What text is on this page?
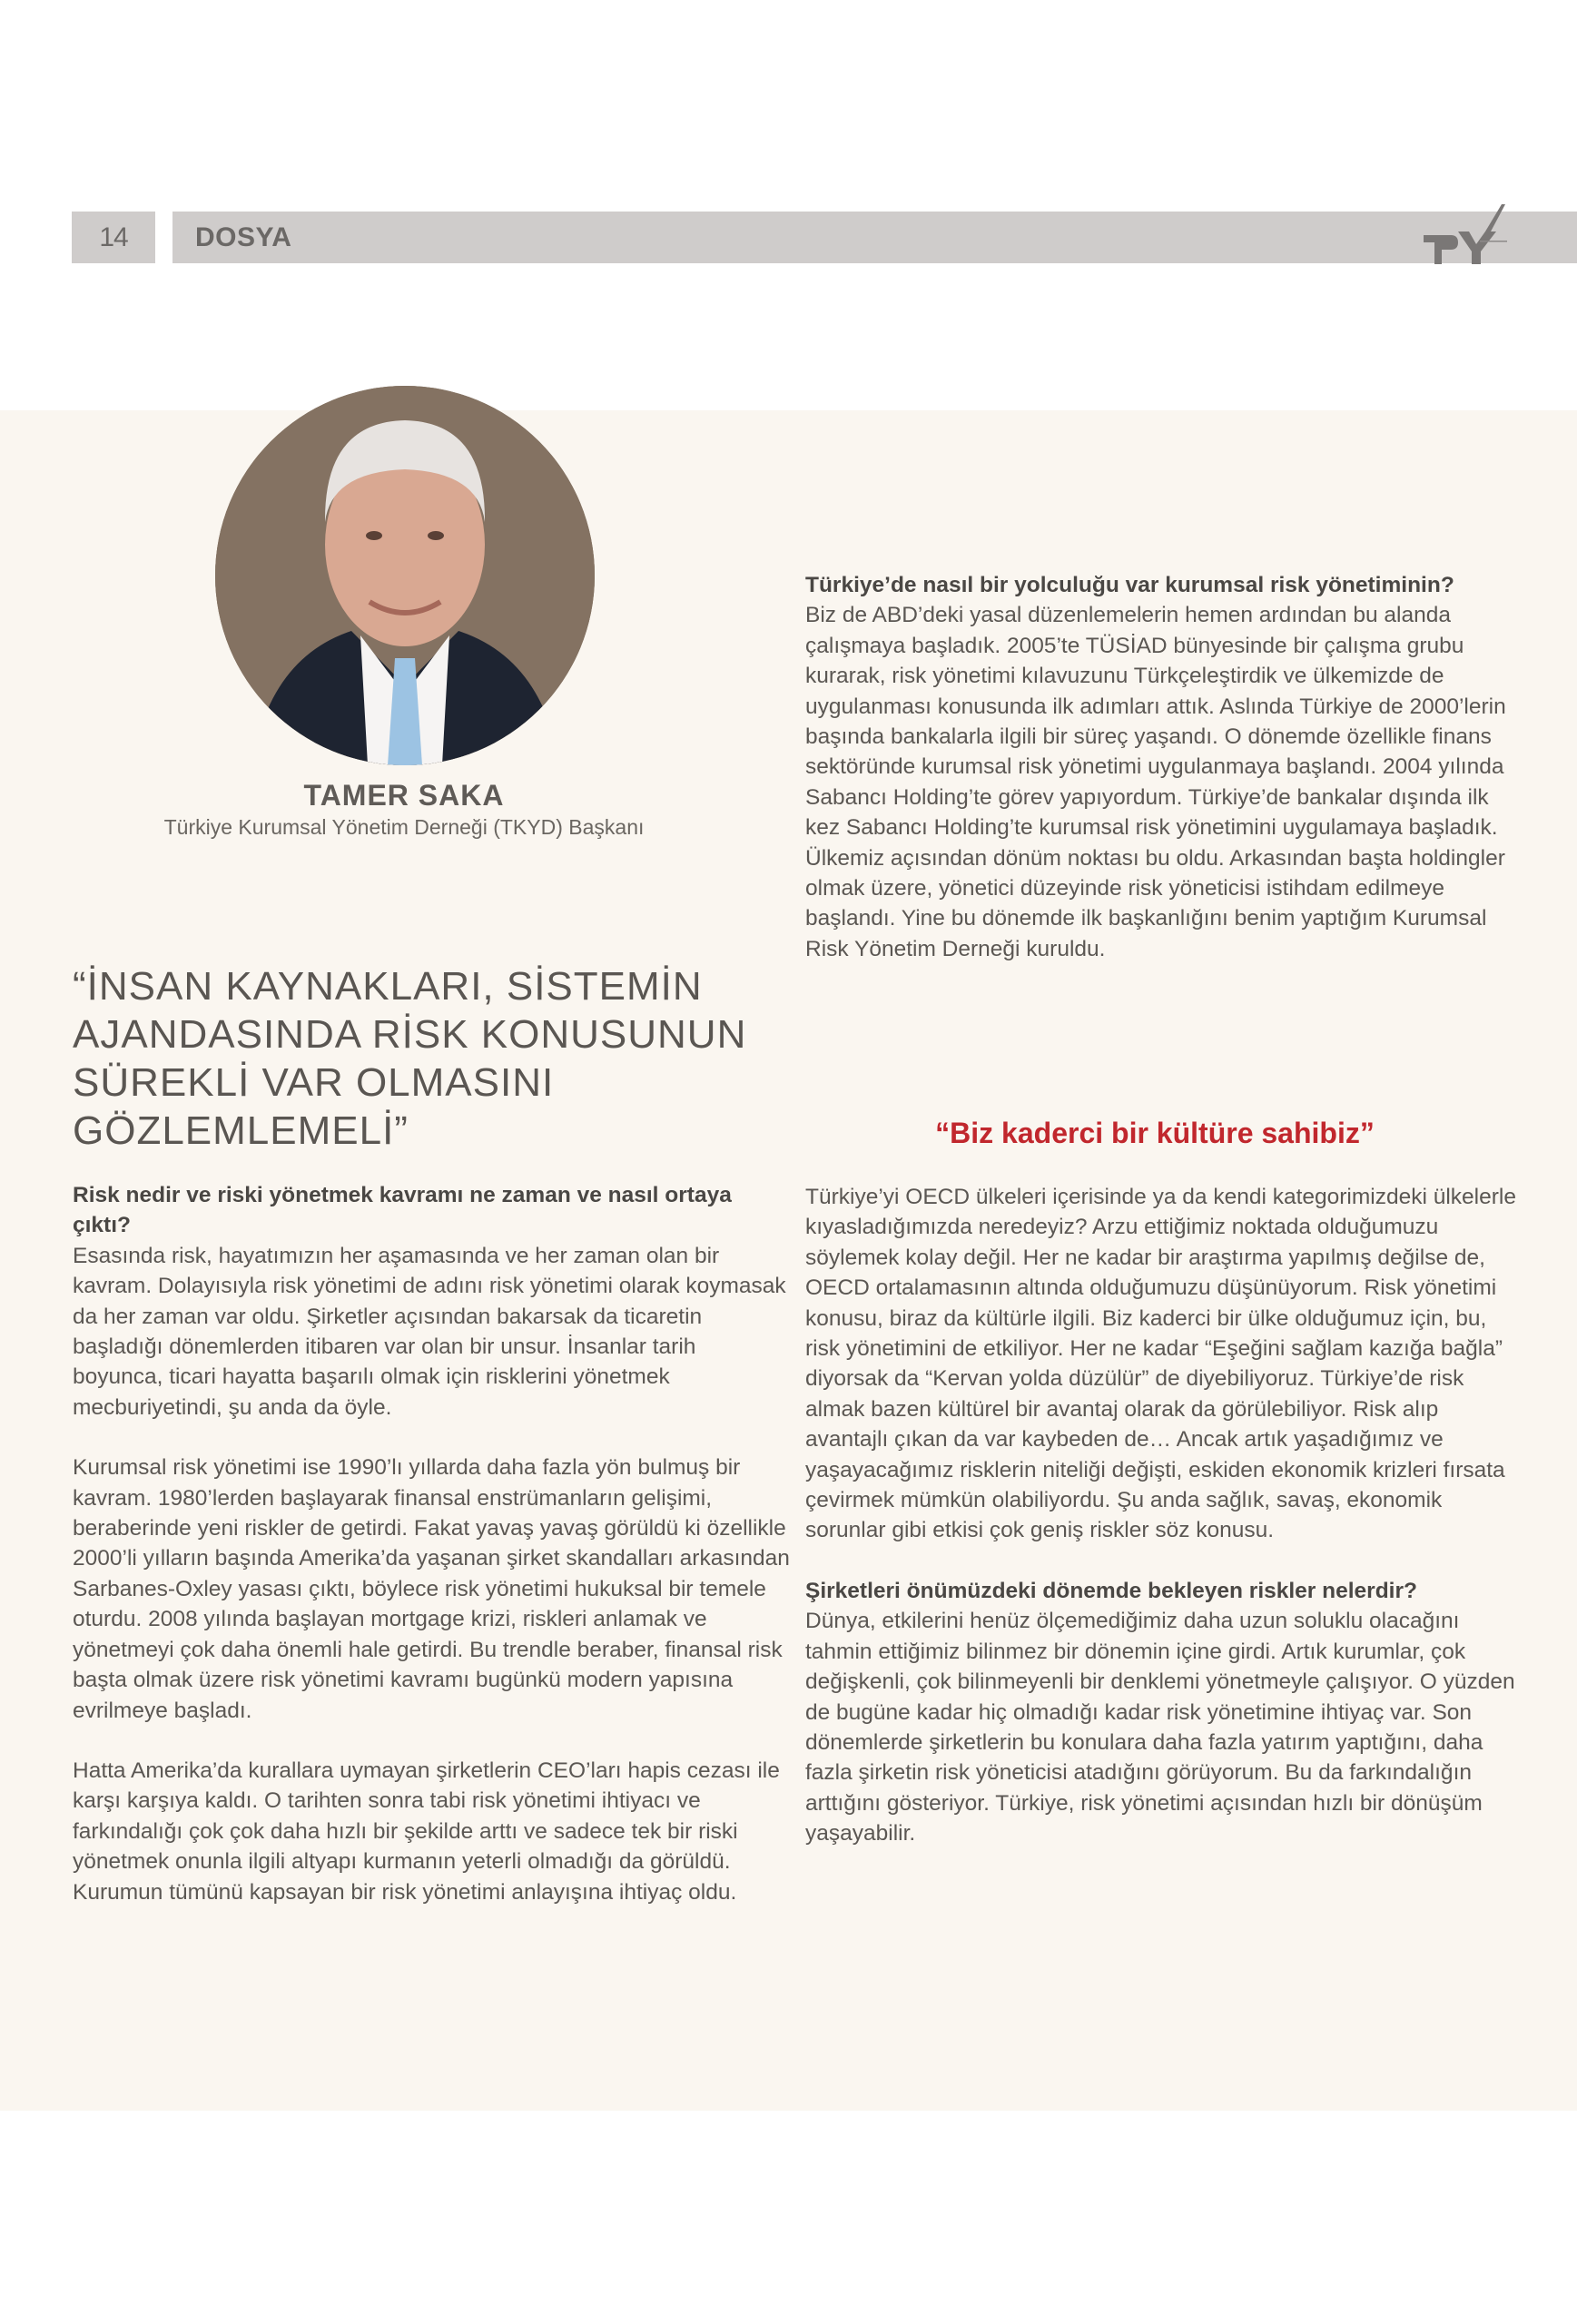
14	DOSYA
TAMER SAKA
Türkiye Kurumsal Yönetim Derneği (TKYD) Başkanı
“İNSAN KAYNAKLARI, SİSTEMİN AJANDASINDA RİSK KONUSUNUN SÜREKLİ VAR OLMASINI GÖZLEMLEMELİ”

Risk nedir ve riski yönetmek kavramı ne zaman ve nasıl ortaya çıktı?

Esasında risk, hayatımızın her aşamasında ve her zaman olan bir kavram. Dolayısıyla risk yönetimi de adını risk yönetimi olarak koymasak da her zaman var oldu. Şirketler açısından bakarsak da ticaretin başladığı dönemlerden itibaren var olan bir unsur. İnsanlar tarih boyunca, ticari hayatta başarılı olmak için risklerini yönetmek mecburiyetindi, şu anda da öyle.

Kurumsal risk yönetimi ise 1990’lı yıllarda daha fazla yön bulmuş bir kavram. 1980’lerden başlayarak finansal enstrümanların gelişimi, beraberinde yeni riskler de getirdi. Fakat yavaş yavaş görüldü ki özellikle 2000’li yılların başında Amerika’da yaşanan şirket skandalları arkasından Sarbanes-Oxley yasası çıktı, böylece risk yönetimi hukuksal bir temele oturdu. 2008 yılında başlayan mortgage krizi, riskleri anlamak ve yönetmeyi çok daha önemli hale getirdi. Bu trendle beraber, finansal risk başta olmak üzere risk yönetimi kavramı bugünkü modern yapısına evrilmeye başladı.

Hatta Amerika’da kurallara uymayan şirketlerin CEO’ları hapis cezası ile karşı karşıya kaldı. O tarihten sonra tabi risk yönetimi ihtiyacı ve farkındalığı çok çok daha hızlı bir şekilde arttı ve sadece tek bir riski yönetmek onunla ilgili altyapı kurmanın yeterli olmadığı da görüldü. Kurumun tümünü kapsayan bir risk yönetimi anlayışına ihtiyaç oldu.

Türkiye’de nasıl bir yolculuğu var kurumsal risk yönetiminin?

Biz de ABD’deki yasal düzenlemelerin hemen ardından bu alanda çalışmaya başladık. 2005’te TÜSİAD bünyesinde bir çalışma grubu kurarak, risk yönetimi kılavuzunu Türkçeleştirdik ve ülkemizde de uygulanması konusunda ilk adımları attık. Aslında Türkiye de 2000’lerin başında bankalarla ilgili bir süreç yaşandı. O dönemde özellikle finans sektöründe kurumsal risk yönetimi uygulanmaya başlandı. 2004 yılında Sabancı Holding’te görev yapıyordum. Türkiye’de bankalar dışında ilk kez Sabancı Holding’te kurumsal risk yönetimini uygulamaya başladık. Ülkemiz açısından dönüm noktası bu oldu. Arkasından başta holdingler olmak üzere, yönetici düzeyinde risk yöneticisi istihdam edilmeye başlandı. Yine bu dönemde ilk başkanlığını benim yaptığım Kurumsal Risk Yönetim Derneği kuruldu.

“Biz kaderci bir kültüre sahibiz”

Türkiye’yi OECD ülkeleri içerisinde ya da kendi kategorimizdeki ülkelerle kıyasladığımızda neredeyiz? Arzu ettiğimiz noktada olduğumuzu söylemek kolay değil. Her ne kadar bir araştırma yapılmış değilse de, OECD ortalamasının altında olduğumuzu düşünüyorum. Risk yönetimi konusu, biraz da kültürle ilgili. Biz kaderci bir ülke olduğumuz için, bu, risk yönetimini de etkiliyor. Her ne kadar “Eşeğini sağlam kazığa bağla” diyorsak da “Kervan yolda düzülür” de diyebiliyoruz. Türkiye’de risk almak bazen kültürel bir avantaj olarak da görülebiliyor. Risk alıp avantajlı çıkan da var kaybeden de… Ancak artık yaşadığımız ve yaşayacağımız risklerin niteliği değişti, eskiden ekonomik krizleri fırsata çevirmek mümkün olabiliyordu. Şu anda sağlık, savaş, ekonomik sorunlar gibi etkisi çok geniş riskler söz konusu.

Şirketleri önümüzdeki dönemde bekleyen riskler nelerdir?

Dünya, etkilerini henüz ölçemediğimiz daha uzun soluklu olacağını tahmin ettiğimiz bilinmez bir dönemin içine girdi. Artık kurumlar, çok değişkenli, çok bilinmeyenli bir denklemi yönetmeyle çalışıyor. O yüzden de bugüne kadar hiç olmadığı kadar risk yönetimine ihtiyaç var. Son dönemlerde şirketlerin bu konulara daha fazla yatırım yaptığını, daha fazla şirketin risk yöneticisi atadığını görüyorum. Bu da farkındalığın arttığını gösteriyor. Türkiye, risk yönetimi açısından hızlı bir dönüşüm yaşayabilir.
